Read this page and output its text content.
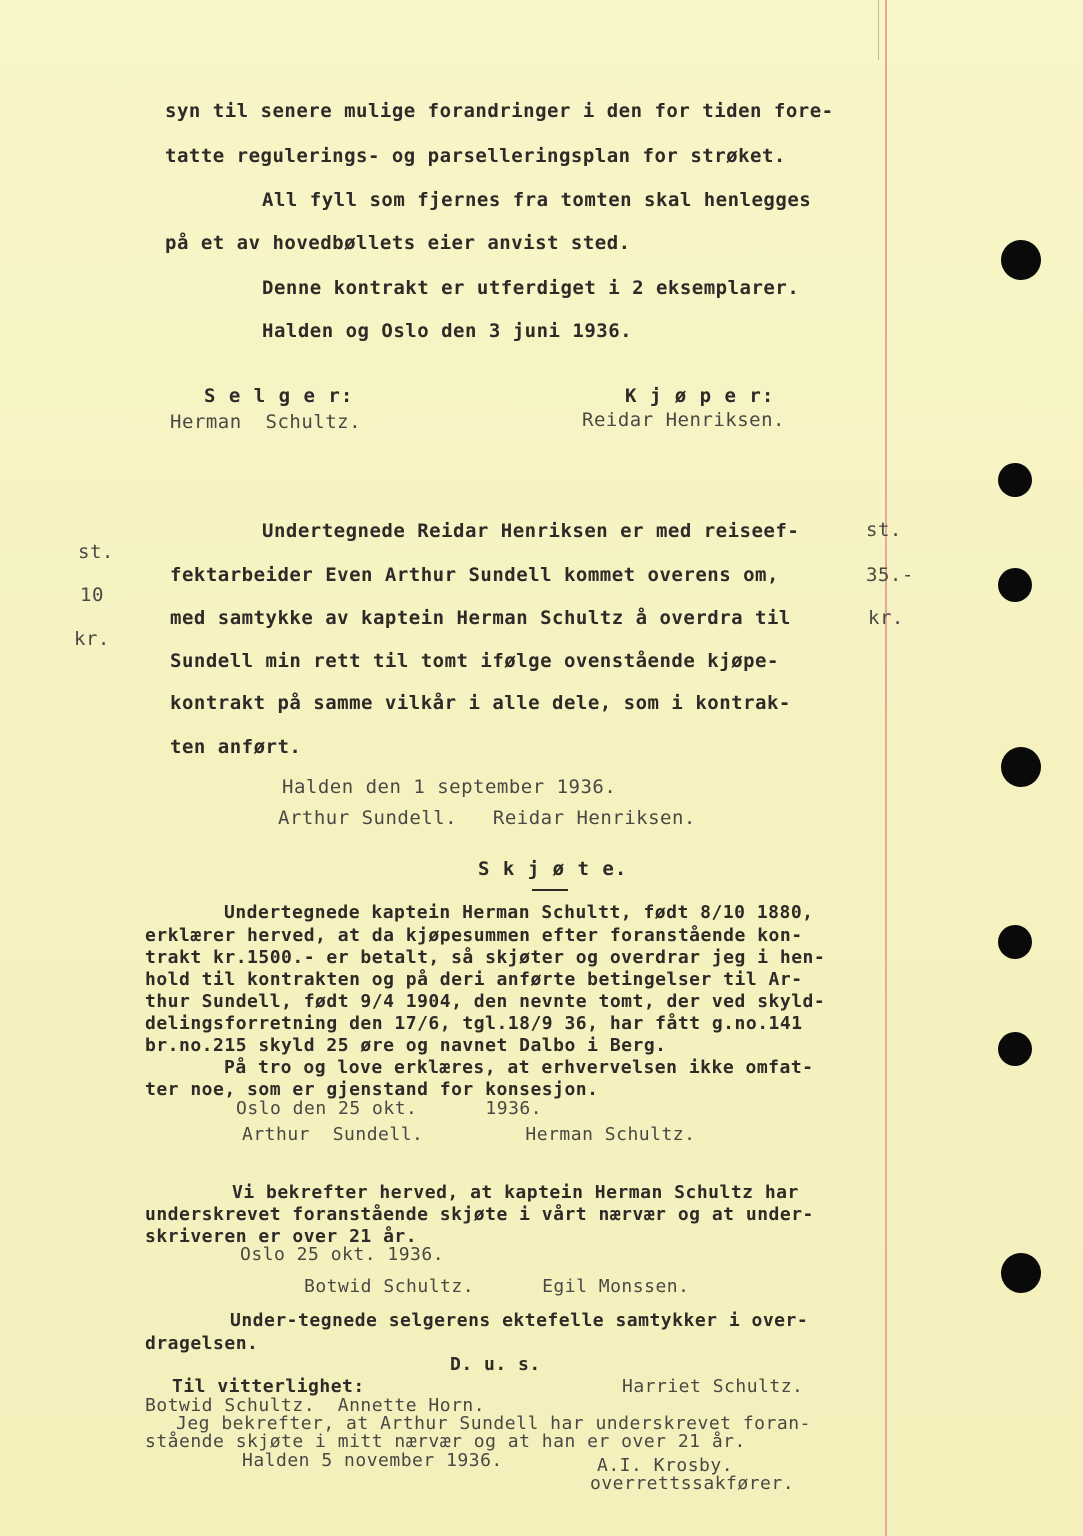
syn til senere mulige forandringer i den for tiden fore-
tatte regulerings- og parselleringsplan for strøket.
All fyll som fjernes fra tomten skal henlegges
på et av hovedbøllets eier anvist sted.
Denne kontrakt er utferdiget i 2 eksemplarer.
Halden og Oslo den 3 juni 1936.
S e l g e r:
Herman  Schultz.
K j ø p e r:
Reidar Henriksen.
st.
10
kr.
st.
35.-
kr.
Undertegnede Reidar Henriksen er med reiseef-
fektarbeider Even Arthur Sundell kommet overens om,
med samtykke av kaptein Herman Schultz å overdra til
Sundell min rett til tomt ifølge ovenstående kjøpe-
kontrakt på samme vilkår i alle dele, som i kontrak-
ten anført.
Halden den 1 september 1936.
Arthur Sundell.   Reidar Henriksen.
S k j ø t e.
Undertegnede kaptein Herman Schultt, født 8/10 1880,
erklærer herved, at da kjøpesummen efter foranstående kon-
trakt kr.1500.- er betalt, så skjøter og overdrar jeg i hen-
hold til kontrakten og på deri anførte betingelser til Ar-
thur Sundell, født 9/4 1904, den nevnte tomt, der ved skyld-
delingsforretning den 17/6, tgl.18/9 36, har fått g.no.141
br.no.215 skyld 25 øre og navnet Dalbo i Berg.
På tro og love erklæres, at erhvervelsen ikke omfat-
ter noe, som er gjenstand for konsesjon.
Oslo den 25 okt.      1936.
Arthur  Sundell.         Herman Schultz.
Vi bekrefter herved, at kaptein Herman Schultz har
underskrevet foranstående skjøte i vårt nærvær og at under-
skriveren er over 21 år.
Oslo 25 okt. 1936.
Botwid Schultz.      Egil Monssen.
Under-tegnede selgerens ektefelle samtykker i over-
dragelsen.
D. u. s.
Til vitterlighet:	Harriet Schultz.
Botwid Schultz.  Annette Horn.
Jeg bekrefter, at Arthur Sundell har underskrevet foran-
stående skjøte i mitt nærvær og at han er over 21 år.
Halden 5 november 1936.	A.I. Krosby.
overrettssakfører.
